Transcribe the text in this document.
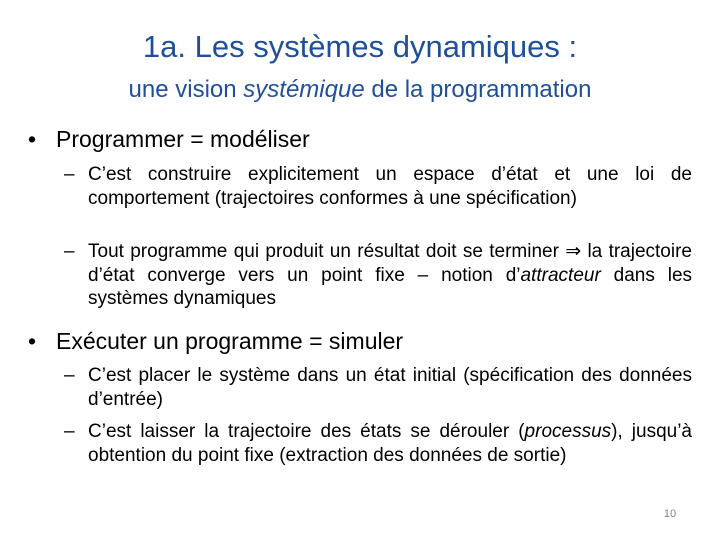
1a. Les systèmes dynamiques :
une vision systémique de la programmation
• Programmer = modéliser
– C’est construire explicitement un espace d’état et une loi de comportement (trajectoires conformes à une spécification)
– Tout programme qui produit un résultat doit se terminer ⇒ la trajectoire d’état converge vers un point fixe – notion d’attracteur dans les systèmes dynamiques
• Exécuter un programme = simuler
– C’est placer le système dans un état initial (spécification des données d’entrée)
– C’est laisser la trajectoire des états se dérouler (processus), jusqu’à obtention du point fixe (extraction des données de sortie)
10
